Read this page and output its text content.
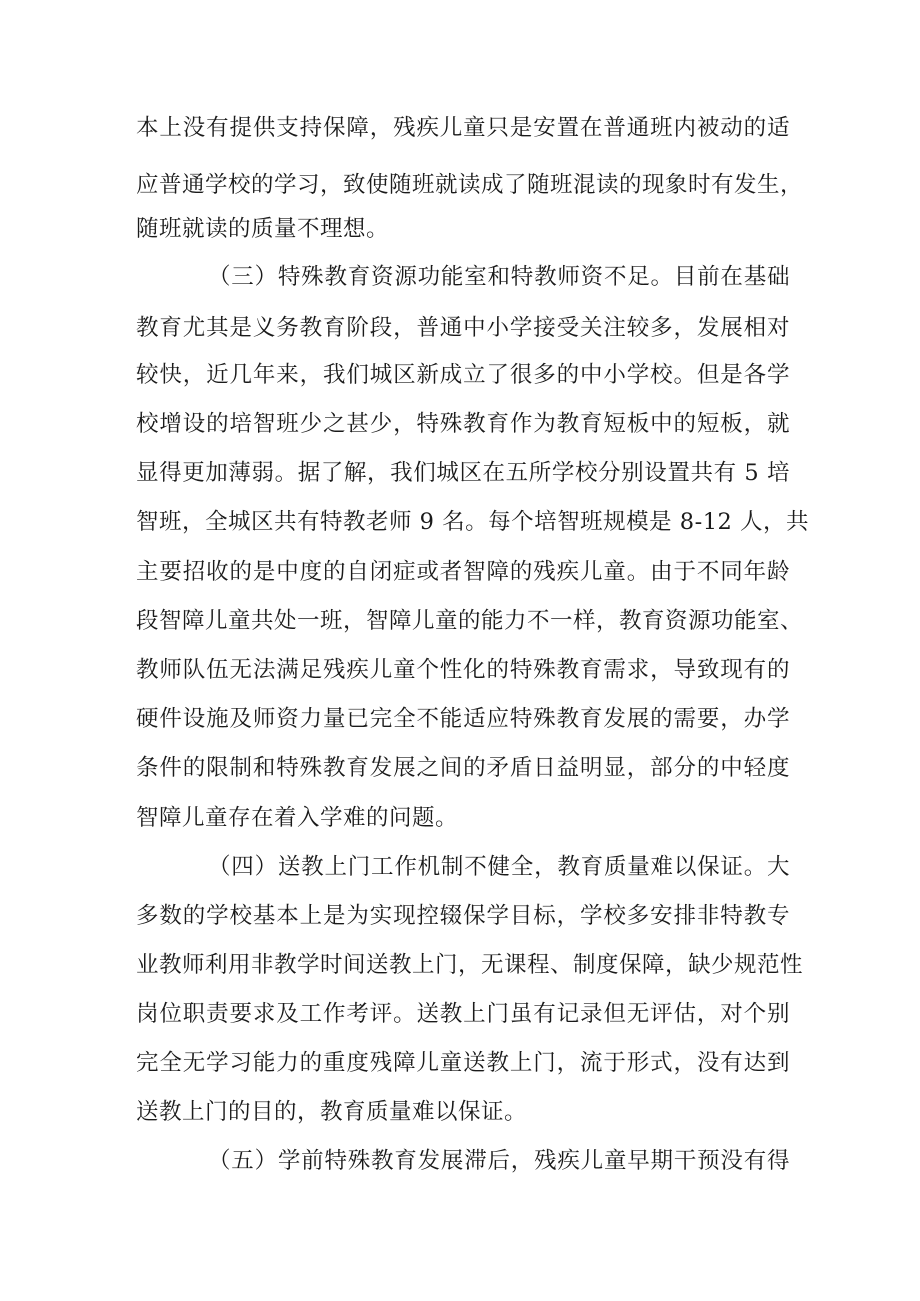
本上没有提供支持保障，残疾儿童只是安置在普通班内被动的适
应普通学校的学习，致使随班就读成了随班混读的现象时有发生，
随班就读的质量不理想。
（三）特殊教育资源功能室和特教师资不足。目前在基础
教育尤其是义务教育阶段，普通中小学接受关注较多，发展相对
较快，近几年来，我们城区新成立了很多的中小学校。但是各学
校增设的培智班少之甚少，特殊教育作为教育短板中的短板，就
显得更加薄弱。据了解，我们城区在五所学校分别设置共有 5 培
智班，全城区共有特教老师 9 名。每个培智班规模是 8-12 人，共
主要招收的是中度的自闭症或者智障的残疾儿童。由于不同年龄
段智障儿童共处一班，智障儿童的能力不一样，教育资源功能室、
教师队伍无法满足残疾儿童个性化的特殊教育需求，导致现有的
硬件设施及师资力量已完全不能适应特殊教育发展的需要，办学
条件的限制和特殊教育发展之间的矛盾日益明显，部分的中轻度
智障儿童存在着入学难的问题。
（四）送教上门工作机制不健全，教育质量难以保证。大
多数的学校基本上是为实现控辍保学目标，学校多安排非特教专
业教师利用非教学时间送教上门，无课程、制度保障，缺少规范性
岗位职责要求及工作考评。送教上门虽有记录但无评估，对个别
完全无学习能力的重度残障儿童送教上门，流于形式，没有达到
送教上门的目的，教育质量难以保证。
（五）学前特殊教育发展滞后，残疾儿童早期干预没有得
